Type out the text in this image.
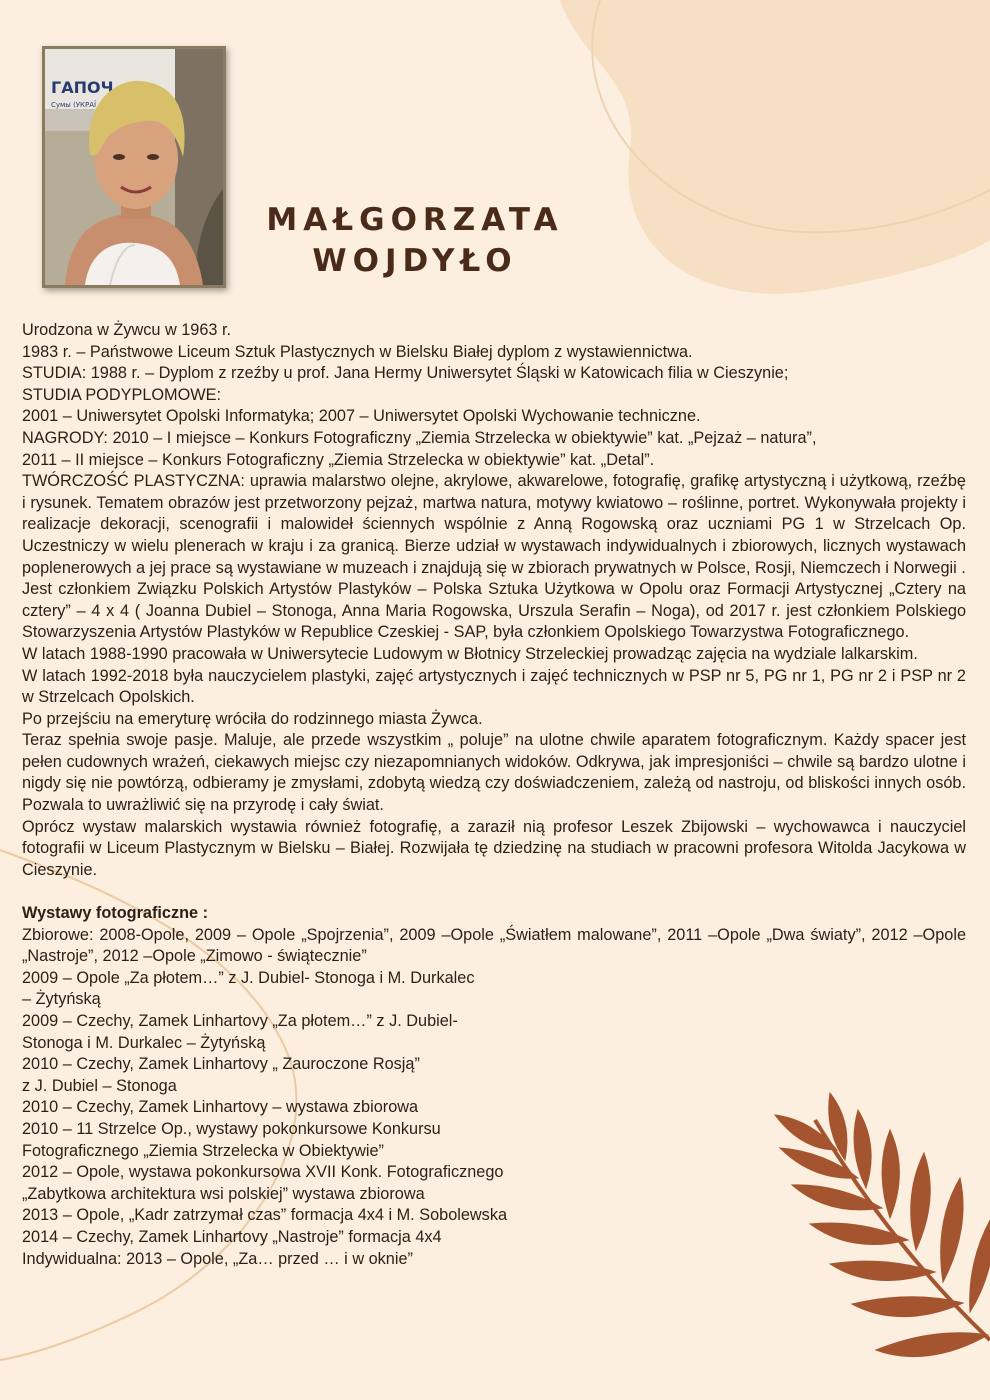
ГАПОЧ
Сумы (УКРАЇ
MAŁGORZATA
WOJDYŁO

Urodzona w Żywcu w 1963 r.

1983 r. – Państwowe Liceum Sztuk Plastycznych w Bielsku Białej dyplom z wystawiennictwa.

STUDIA: 1988 r. – Dyplom z rzeźby u prof. Jana Hermy Uniwersytet Śląski w Katowicach filia w Cieszynie;

STUDIA PODYPLOMOWE:

2001 – Uniwersytet Opolski Informatyka; 2007 – Uniwersytet Opolski Wychowanie techniczne.

NAGRODY: 2010 – I miejsce – Konkurs Fotograficzny „Ziemia Strzelecka w obiektywie” kat. „Pejzaż – natura”,

2011 – II miejsce – Konkurs Fotograficzny „Ziemia Strzelecka w obiektywie” kat. „Detal”.

TWÓRCZOŚĆ PLASTYCZNA: uprawia malarstwo olejne, akrylowe, akwarelowe, fotografię, grafikę artystyczną i użytkową, rzeźbę i rysunek. Tematem obrazów jest przetworzony pejzaż, martwa natura, motywy kwiatowo – roślinne, portret. Wykonywała projekty i realizacje dekoracji, scenografii i malowideł ściennych wspólnie z Anną Rogowską oraz uczniami PG 1 w Strzelcach Op. Uczestniczy w wielu plenerach w kraju i za granicą. Bierze udział w wystawach indywidualnych i zbiorowych, licznych wystawach poplenerowych a jej prace są wystawiane w muzeach i znajdują się w zbiorach prywatnych w Polsce, Rosji, Niemczech i Norwegii .

Jest członkiem Związku Polskich Artystów Plastyków – Polska Sztuka Użytkowa w Opolu oraz Formacji Artystycznej „Cztery na cztery” – 4 x 4 ( Joanna Dubiel – Stonoga, Anna Maria Rogowska, Urszula Serafin – Noga), od 2017 r. jest członkiem Polskiego Stowarzyszenia Artystów Plastyków w Republice Czeskiej - SAP, była członkiem Opolskiego Towarzystwa Fotograficznego.

W latach 1988-1990 pracowała w Uniwersytecie Ludowym w Błotnicy Strzeleckiej prowadząc zajęcia na wydziale lalkarskim.

W latach 1992-2018 była nauczycielem plastyki, zajęć artystycznych i zajęć technicznych w PSP nr 5, PG nr 1, PG nr 2 i PSP nr 2 w Strzelcach Opolskich.

Po przejściu na emeryturę wróciła do rodzinnego miasta Żywca.

Teraz spełnia swoje pasje. Maluje, ale przede wszystkim „ poluje” na ulotne chwile aparatem fotograficznym. Każdy spacer jest pełen cudownych wrażeń, ciekawych miejsc czy niezapomnianych widoków. Odkrywa, jak impresjoniści – chwile są bardzo ulotne i nigdy się nie powtórzą, odbieramy je zmysłami, zdobytą wiedzą czy doświadczeniem, zależą od nastroju, od bliskości innych osób. Pozwala to uwrażliwić się na przyrodę i cały świat.

Oprócz wystaw malarskich wystawia również fotografię, a zaraził nią profesor Leszek Zbijowski – wychowawca i nauczyciel fotografii w Liceum Plastycznym w Bielsku – Białej. Rozwijała tę dziedzinę na studiach w pracowni profesora Witolda Jacykowa w Cieszynie.

Wystawy fotograficzne :

Zbiorowe: 2008-Opole, 2009 – Opole „Spojrzenia”, 2009 –Opole „Światłem malowane”, 2011 –Opole „Dwa światy”, 2012 –Opole „Nastroje”, 2012 –Opole „Zimowo - świątecznie”

2009 – Opole „Za płotem…” z J. Dubiel- Stonoga i M. Durkalec

– Żytyńską

2009 – Czechy, Zamek Linhartovy „Za płotem…” z J. Dubiel-

Stonoga i M. Durkalec – Żytyńską

2010 – Czechy, Zamek Linhartovy „ Zauroczone Rosją”

z J. Dubiel – Stonoga

2010 – Czechy, Zamek Linhartovy – wystawa zbiorowa

2010 – 11 Strzelce Op., wystawy pokonkursowe Konkursu

Fotograficznego „Ziemia Strzelecka w Obiektywie”

2012 – Opole, wystawa pokonkursowa XVII Konk. Fotograficznego

„Zabytkowa architektura wsi polskiej” wystawa zbiorowa

2013 – Opole, „Kadr zatrzymał czas” formacja 4x4 i M. Sobolewska

2014 – Czechy, Zamek Linhartovy „Nastroje” formacja 4x4

Indywidualna: 2013 – Opole, „Za… przed … i w oknie”
